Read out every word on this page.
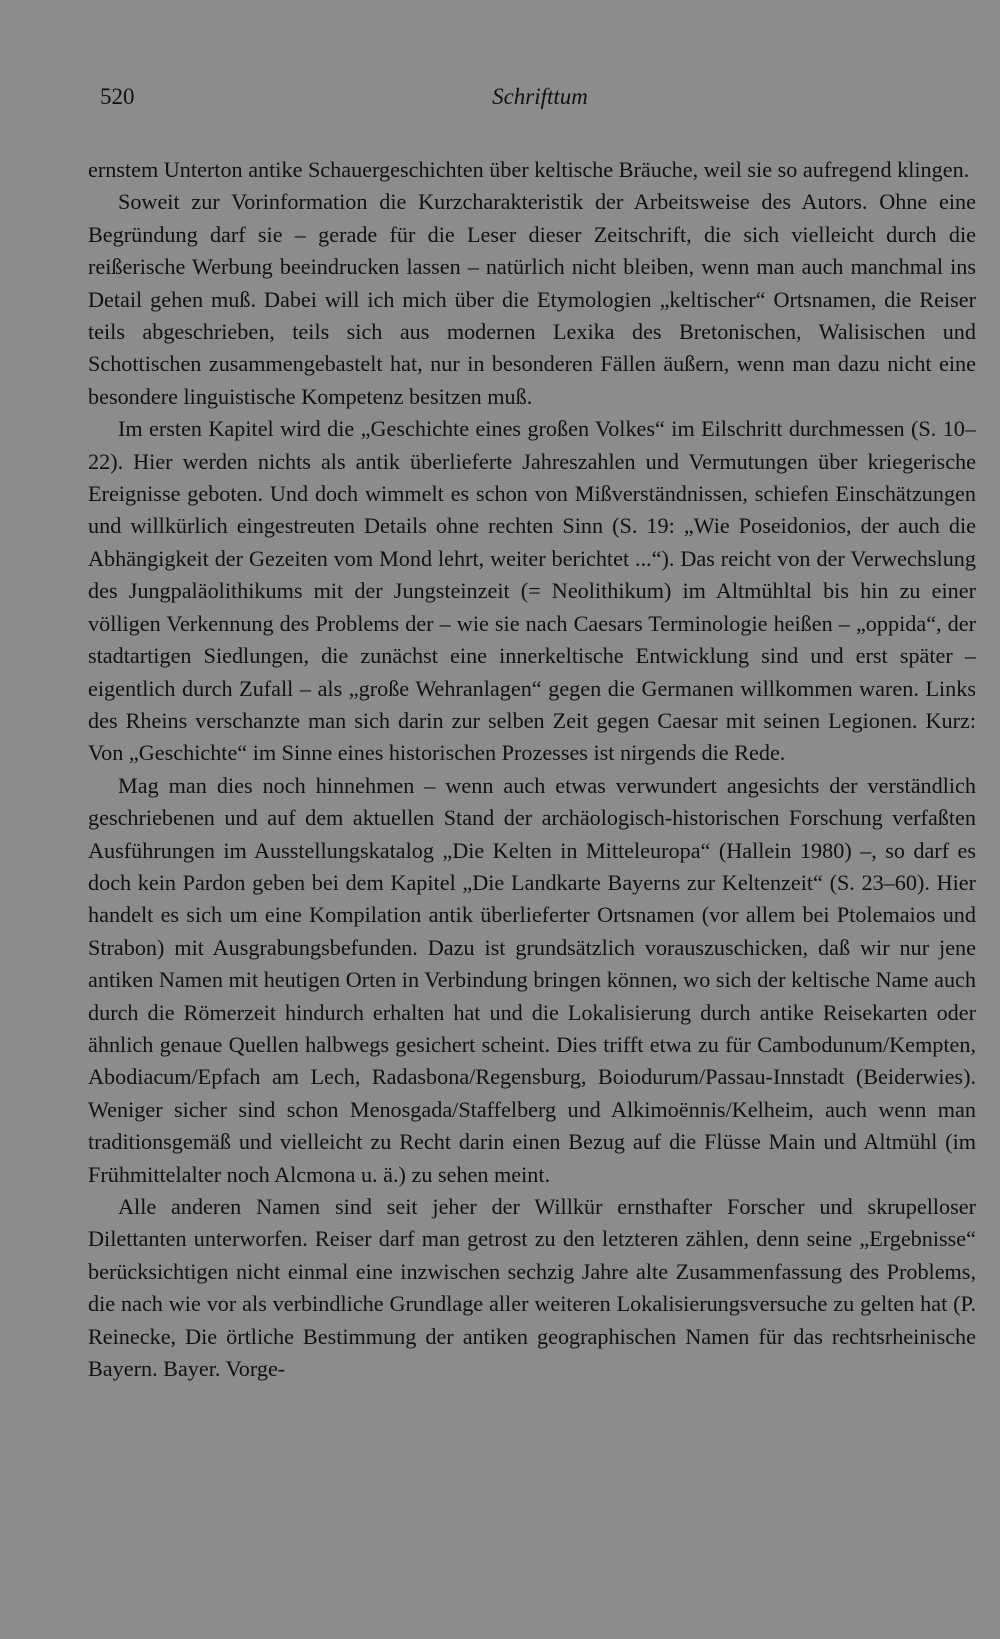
520	Schrifttum

ernstem Unterton antike Schauergeschichten über keltische Bräuche, weil sie so aufregend klingen.

Soweit zur Vorinformation die Kurzcharakteristik der Arbeitsweise des Autors. Ohne eine Begründung darf sie – gerade für die Leser dieser Zeitschrift, die sich vielleicht durch die reißerische Werbung beeindrucken lassen – natürlich nicht bleiben, wenn man auch manchmal ins Detail gehen muß. Dabei will ich mich über die Etymologien „keltischer“ Ortsnamen, die Reiser teils abgeschrieben, teils sich aus modernen Lexika des Bretonischen, Walisischen und Schottischen zusammengebastelt hat, nur in besonderen Fällen äußern, wenn man dazu nicht eine besondere linguistische Kompetenz besitzen muß.

Im ersten Kapitel wird die „Geschichte eines großen Volkes“ im Eilschritt durchmessen (S. 10–22). Hier werden nichts als antik überlieferte Jahreszahlen und Vermutungen über kriegerische Ereignisse geboten. Und doch wimmelt es schon von Mißverständnissen, schiefen Einschätzungen und willkürlich eingestreuten Details ohne rechten Sinn (S. 19: „Wie Poseidonios, der auch die Abhängigkeit der Gezeiten vom Mond lehrt, weiter berichtet ...“). Das reicht von der Verwechslung des Jungpaläolithikums mit der Jungsteinzeit (= Neolithikum) im Altmühltal bis hin zu einer völligen Verkennung des Problems der – wie sie nach Caesars Terminologie heißen – „oppida“, der stadtartigen Siedlungen, die zunächst eine innerkeltische Entwicklung sind und erst später – eigentlich durch Zufall – als „große Wehranlagen“ gegen die Germanen willkommen waren. Links des Rheins verschanzte man sich darin zur selben Zeit gegen Caesar mit seinen Legionen. Kurz: Von „Geschichte“ im Sinne eines historischen Prozesses ist nirgends die Rede.

Mag man dies noch hinnehmen – wenn auch etwas verwundert angesichts der verständlich geschriebenen und auf dem aktuellen Stand der archäologisch-historischen Forschung verfaßten Ausführungen im Ausstellungskatalog „Die Kelten in Mitteleuropa“ (Hallein 1980) –, so darf es doch kein Pardon geben bei dem Kapitel „Die Landkarte Bayerns zur Keltenzeit“ (S. 23–60). Hier handelt es sich um eine Kompilation antik überlieferter Ortsnamen (vor allem bei Ptolemaios und Strabon) mit Ausgrabungsbefunden. Dazu ist grundsätzlich vorauszuschicken, daß wir nur jene antiken Namen mit heutigen Orten in Verbindung bringen können, wo sich der keltische Name auch durch die Römerzeit hindurch erhalten hat und die Lokalisierung durch antike Reisekarten oder ähnlich genaue Quellen halbwegs gesichert scheint. Dies trifft etwa zu für Cambodunum/Kempten, Abodiacum/Epfach am Lech, Radasbona/Regensburg, Boiodurum/Passau-Innstadt (Beiderwies). Weniger sicher sind schon Menosgada/Staffelberg und Alkimoënnis/Kelheim, auch wenn man traditionsgemäß und vielleicht zu Recht darin einen Bezug auf die Flüsse Main und Altmühl (im Frühmittelalter noch Alcmona u. ä.) zu sehen meint.

Alle anderen Namen sind seit jeher der Willkür ernsthafter Forscher und skrupelloser Dilettanten unterworfen. Reiser darf man getrost zu den letzteren zählen, denn seine „Ergebnisse“ berücksichtigen nicht einmal eine inzwischen sechzig Jahre alte Zusammenfassung des Problems, die nach wie vor als verbindliche Grundlage aller weiteren Lokalisierungsversuche zu gelten hat (P. Reinecke, Die örtliche Bestimmung der antiken geographischen Namen für das rechtsrheinische Bayern. Bayer. Vorge-
